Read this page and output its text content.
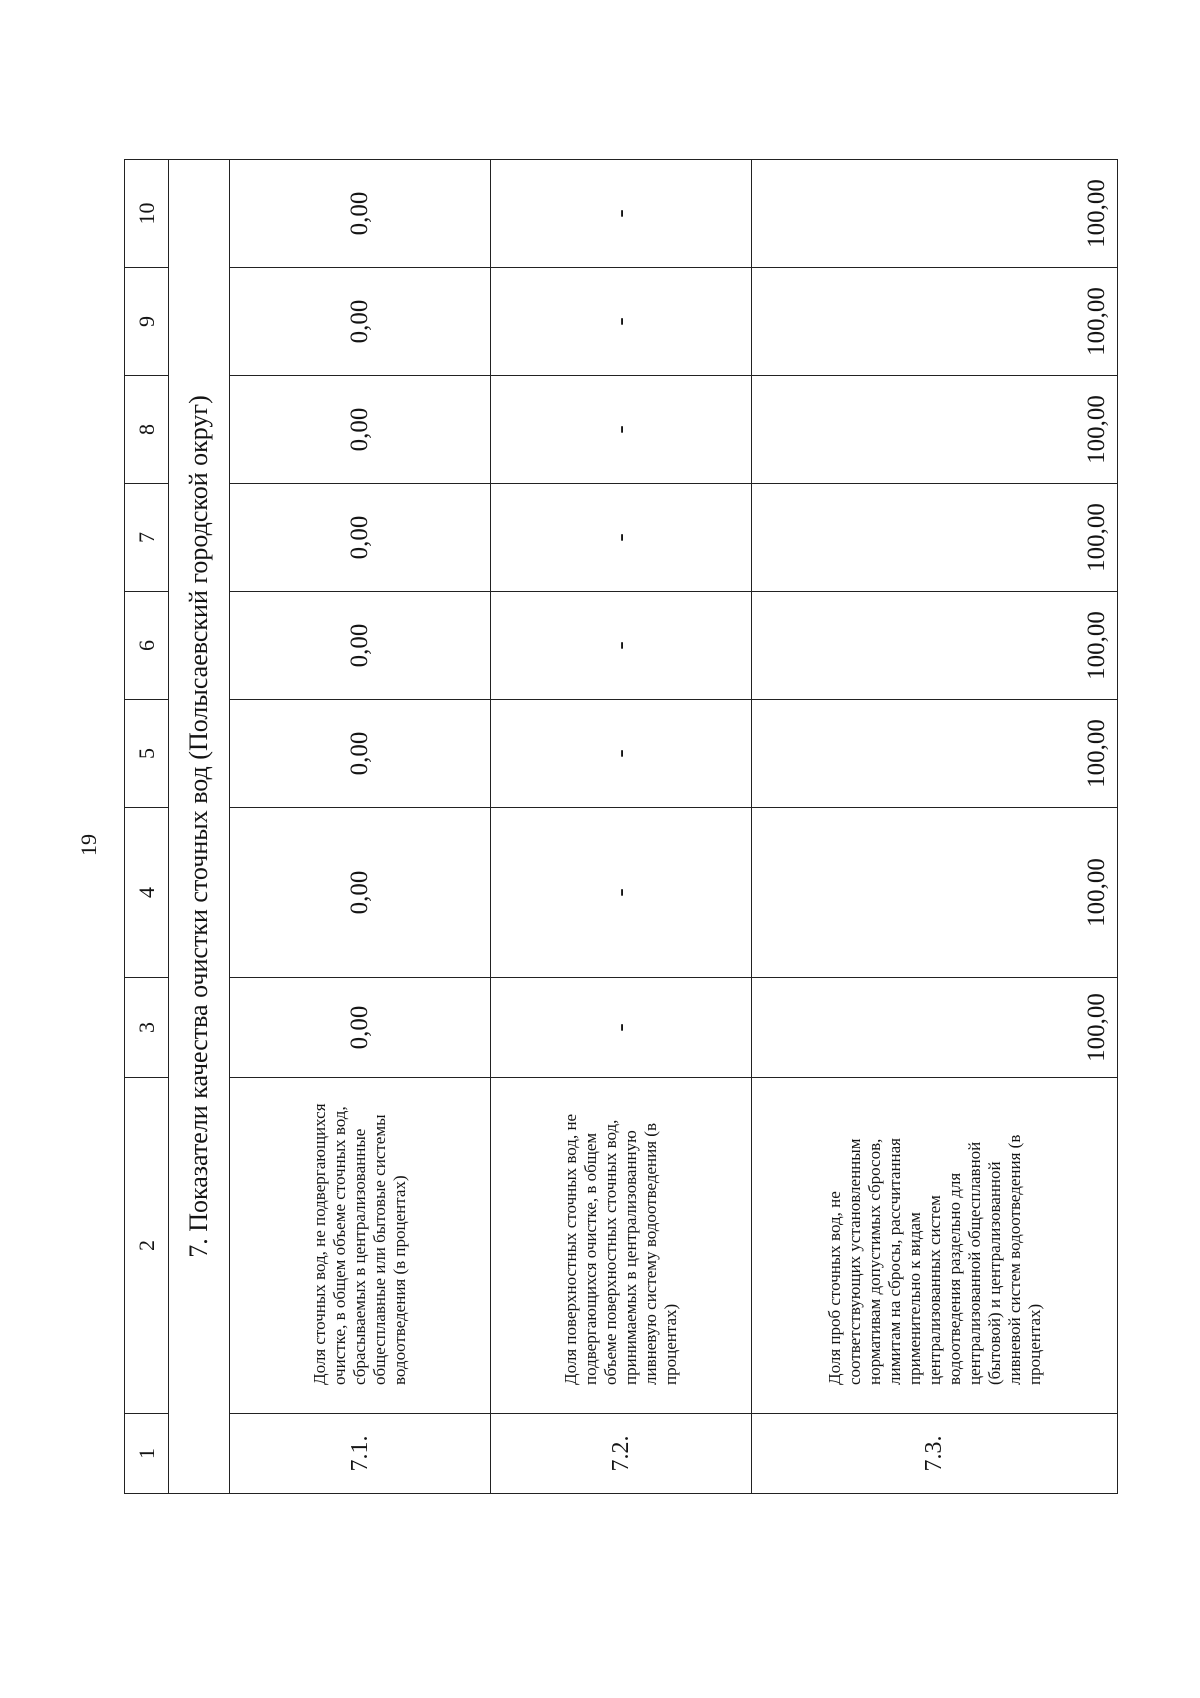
19
1	2	3	4	5	6	7	8	9	10
7. Показатели качества очистки сточных вод (Полысаевский городской округ)									
7.1.	Доля сточных вод, не подвергающихся очистке, в общем объеме сточных вод, сбрасываемых в централизованные общесплавные или бытовые системы водоотведения (в процентах)	0,00	0,00	0,00	0,00	0,00	0,00	0,00	0,00
7.2.	Доля поверхностных сточных вод, не подвергающихся очистке, в общем объеме поверхностных сточных вод, принимаемых в централизованную ливневую систему водоотведения (в процентах)	-	-	-	-	-	-	-	-
7.3.	Доля проб сточных вод, не соответствующих установленным нормативам допустимых сбросов, лимитам на сбросы, рассчитанная применительно к видам централизованных систем водоотведения раздельно для централизованной общесплавной (бытовой) и централизованной ливневой систем водоотведения (в процентах)	100,00	100,00	100,00	100,00	100,00	100,00	100,00	100,00
